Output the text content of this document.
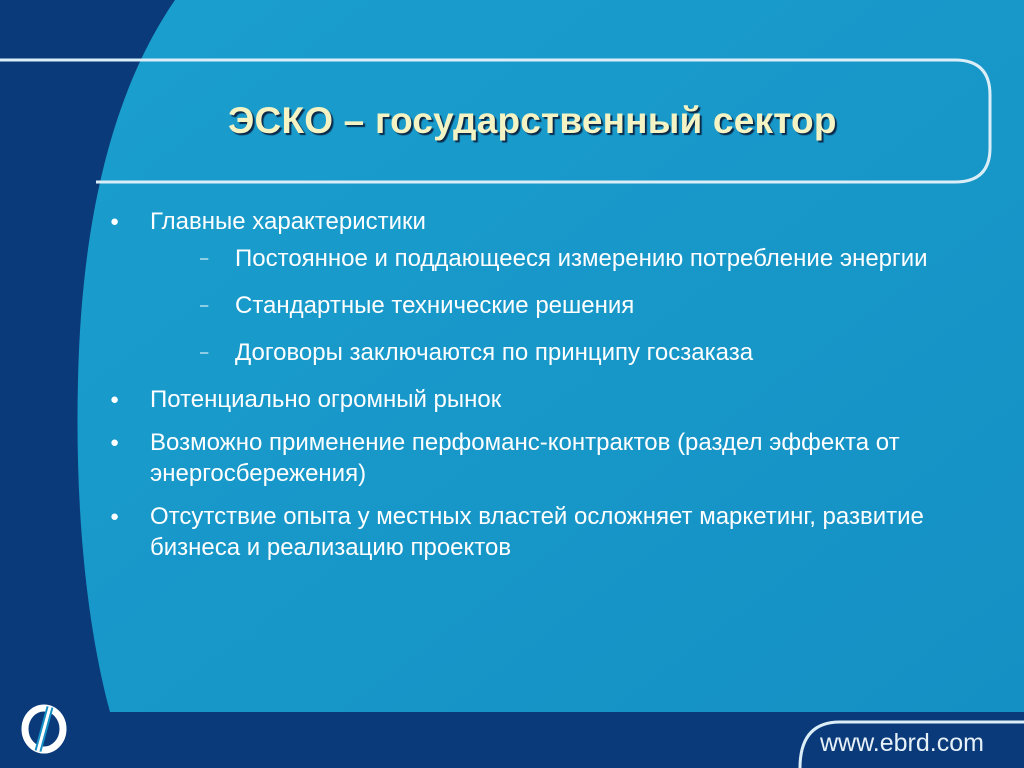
ЭСКО – государственный сектор
● Главные характеристики
– Постоянное и поддающееся измерению потребление энергии
– Стандартные технические решения
– Договоры заключаются по принципу госзаказа
● Потенциально огромный рынок
● Возможно применение перфоманс-контрактов (раздел эффекта от энергосбережения)
● Отсутствие опыта у местных властей осложняет маркетинг, развитие бизнеса и реализацию проектов
www.ebrd.com
